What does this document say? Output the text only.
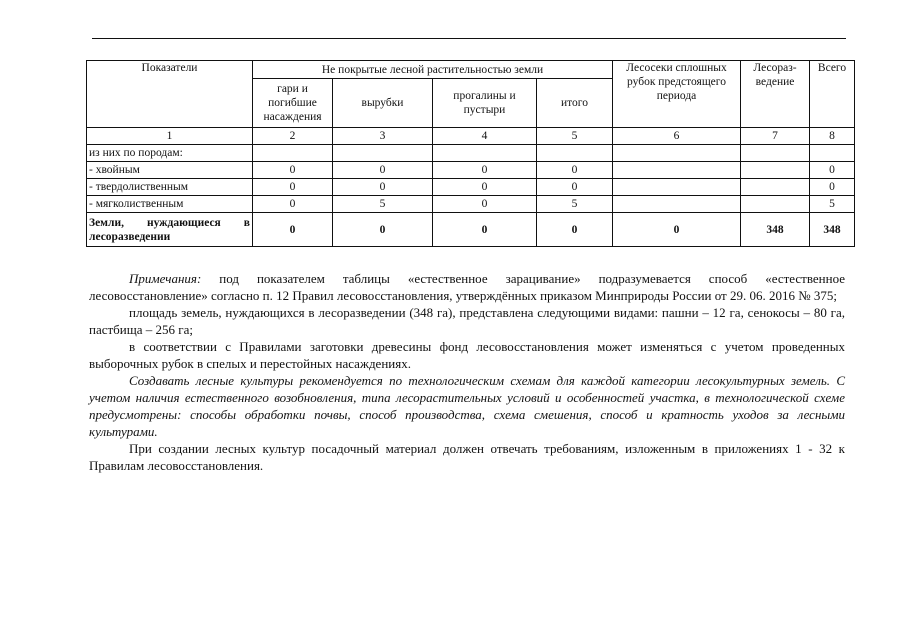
Показатели	Не покрытые лесной растительностью земли				Лесосеки сплошных рубок предстоящего периода	Лесораз-ведение	Всего
	гари и погибшие насаждения	вырубки	прогалины и пустыри	итого			
1	2	3	4	5	6	7	8
из них по породам:							
- хвойным	0	0	0	0			0
- твердолиственным	0	0	0	0			0
- мягколиственным	0	5	0	5			5
Земли, нуждающиеся в лесоразведении	0	0	0	0	0	348	348

Примечания: под показателем таблицы «естественное зарацивание» подразумевается способ «естественное лесовосстановление» согласно п. 12 Правил лесовосстановления, утверждённых приказом Минприроды России от 29. 06. 2016 № 375;

площадь земель, нуждающихся в лесоразведении (348 га), представлена следующими видами: пашни – 12 га, сенокосы – 80 га, пастбища – 256 га;

в соответствии с Правилами заготовки древесины фонд лесовосстановления может изменяться с учетом проведенных выборочных рубок в спелых и перестойных насаждениях.

Создавать лесные культуры рекомендуется по технологическим схемам для каждой категории лесокультурных земель. С учетом наличия естественного возобновления, типа лесорастительных условий и особенностей участка, в технологической схеме предусмотрены: способы обработки почвы, способ производства, схема смешения, способ и кратность уходов за лесными культурами.

При создании лесных культур посадочный материал должен отвечать требованиям, изложенным в приложениях 1 - 32 к Правилам лесовосстановления.
